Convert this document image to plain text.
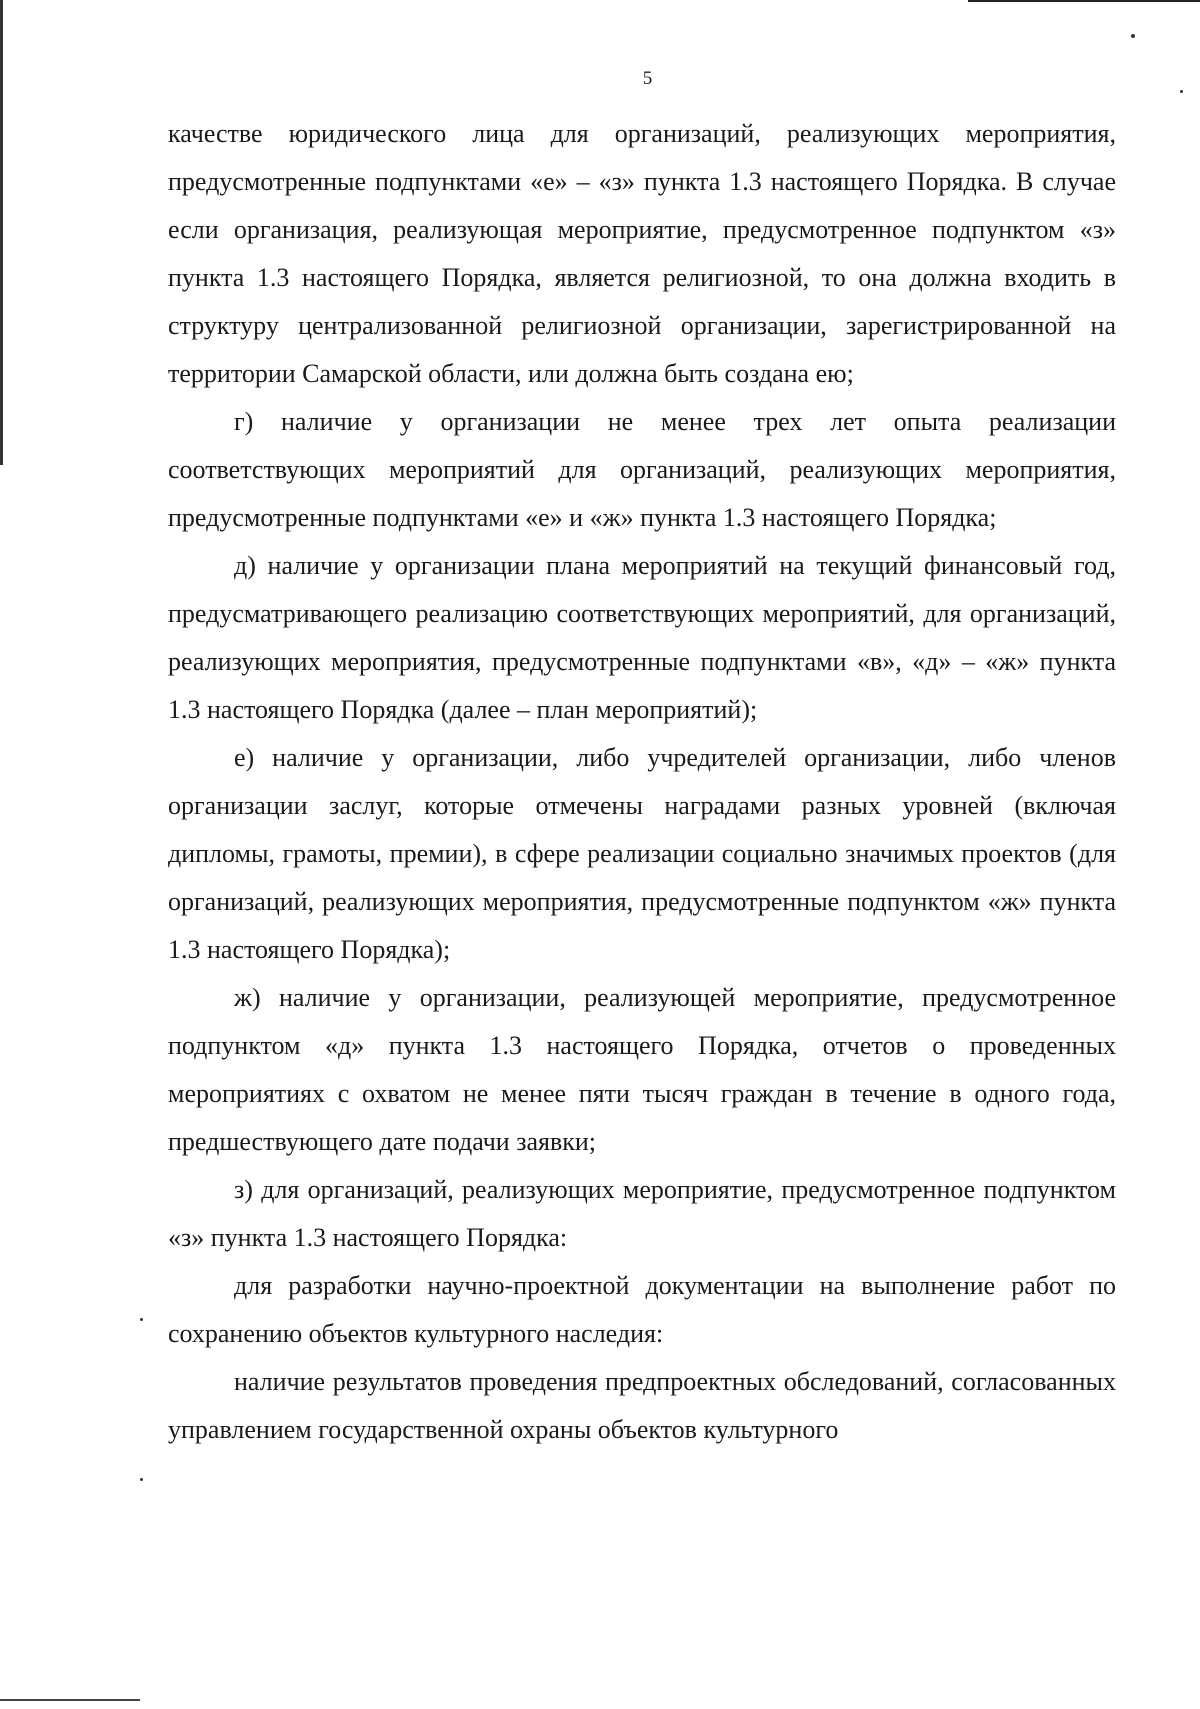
5

качестве юридического лица для организаций, реализующих мероприятия, предусмотренные подпунктами «е» – «з» пункта 1.3 настоящего Порядка. В случае если организация, реализующая мероприятие, предусмотренное подпунктом «з» пункта 1.3 настоящего Порядка, является религиозной, то она должна входить в структуру централизованной религиозной организации, зарегистрированной на территории Самарской области, или должна быть создана ею;

г) наличие у организации не менее трех лет опыта реализации соответствующих мероприятий для организаций, реализующих мероприятия, предусмотренные подпунктами «е» и «ж» пункта 1.3 настоящего Порядка;

д) наличие у организации плана мероприятий на текущий финансовый год, предусматривающего реализацию соответствующих мероприятий, для организаций, реализующих мероприятия, предусмотренные подпунктами «в», «д» – «ж» пункта 1.3 настоящего Порядка (далее – план мероприятий);

е) наличие у организации, либо учредителей организации, либо членов организации заслуг, которые отмечены наградами разных уровней (включая дипломы, грамоты, премии), в сфере реализации социально значимых проектов (для организаций, реализующих мероприятия, предусмотренные подпунктом «ж» пункта 1.3 настоящего Порядка);

ж) наличие у организации, реализующей мероприятие, предусмотренное подпунктом «д» пункта 1.3 настоящего Порядка, отчетов о проведенных мероприятиях с охватом не менее пяти тысяч граждан в течение в одного года, предшествующего дате подачи заявки;

з) для организаций, реализующих мероприятие, предусмотренное подпунктом «з» пункта 1.3 настоящего Порядка:

для разработки научно-проектной документации на выполнение работ по сохранению объектов культурного наследия:

наличие результатов проведения предпроектных обследований, согласованных управлением государственной охраны объектов культурного
